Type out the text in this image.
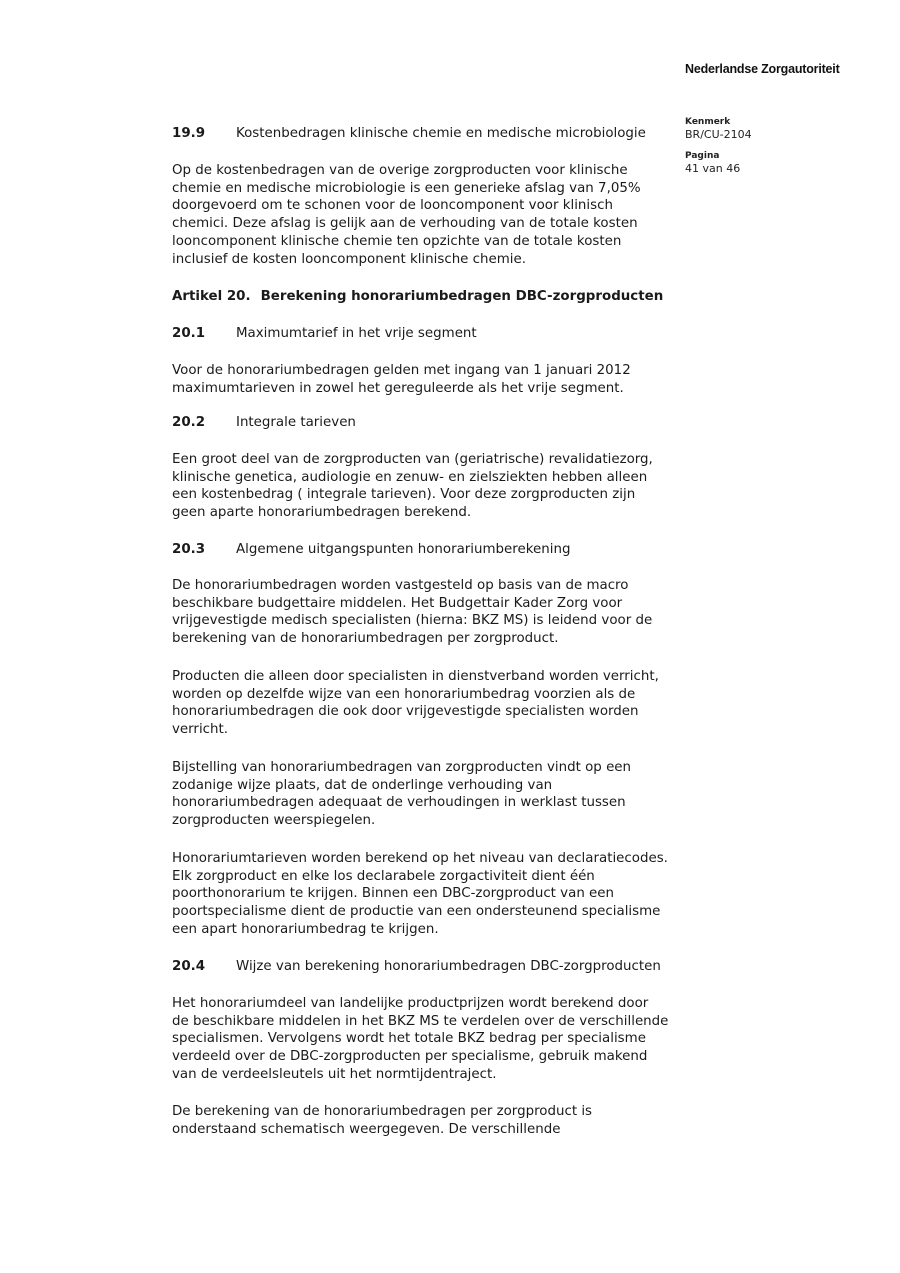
Nederlandse Zorgautoriteit
Kenmerk
BR/CU-2104
Pagina
41 van 46
19.9 Kostenbedragen klinische chemie en medische microbiologie
Op de kostenbedragen van de overige zorgproducten voor klinische
chemie en medische microbiologie is een generieke afslag van 7,05%
doorgevoerd om te schonen voor de looncomponent voor klinisch
chemici. Deze afslag is gelijk aan de verhouding van de totale kosten
looncomponent klinische chemie ten opzichte van de totale kosten
inclusief de kosten looncomponent klinische chemie.
Artikel 20. Berekening honorariumbedragen DBC-zorgproducten
20.1 Maximumtarief in het vrije segment
Voor de honorariumbedragen gelden met ingang van 1 januari 2012
maximumtarieven in zowel het gereguleerde als het vrije segment.
20.2 Integrale tarieven
Een groot deel van de zorgproducten van (geriatrische) revalidatiezorg,
klinische genetica, audiologie en zenuw- en zielsziekten hebben alleen
een kostenbedrag ( integrale tarieven). Voor deze zorgproducten zijn
geen aparte honorariumbedragen berekend.
20.3 Algemene uitgangspunten honorariumberekening
De honorariumbedragen worden vastgesteld op basis van de macro
beschikbare budgettaire middelen. Het Budgettair Kader Zorg voor
vrijgevestigde medisch specialisten (hierna: BKZ MS) is leidend voor de
berekening van de honorariumbedragen per zorgproduct.
Producten die alleen door specialisten in dienstverband worden verricht,
worden op dezelfde wijze van een honorariumbedrag voorzien als de
honorariumbedragen die ook door vrijgevestigde specialisten worden
verricht.
Bijstelling van honorariumbedragen van zorgproducten vindt op een
zodanige wijze plaats, dat de onderlinge verhouding van
honorariumbedragen adequaat de verhoudingen in werklast tussen
zorgproducten weerspiegelen.
Honorariumtarieven worden berekend op het niveau van declaratiecodes.
Elk zorgproduct en elke los declarabele zorgactiviteit dient één
poorthonorarium te krijgen. Binnen een DBC-zorgproduct van een
poortspecialisme dient de productie van een ondersteunend specialisme
een apart honorariumbedrag te krijgen.
20.4 Wijze van berekening honorariumbedragen DBC-zorgproducten
Het honorariumdeel van landelijke productprijzen wordt berekend door
de beschikbare middelen in het BKZ MS te verdelen over de verschillende
specialismen. Vervolgens wordt het totale BKZ bedrag per specialisme
verdeeld over de DBC-zorgproducten per specialisme, gebruik makend
van de verdeelsleutels uit het normtijdentraject.
De berekening van de honorariumbedragen per zorgproduct is
onderstaand schematisch weergegeven. De verschillende
